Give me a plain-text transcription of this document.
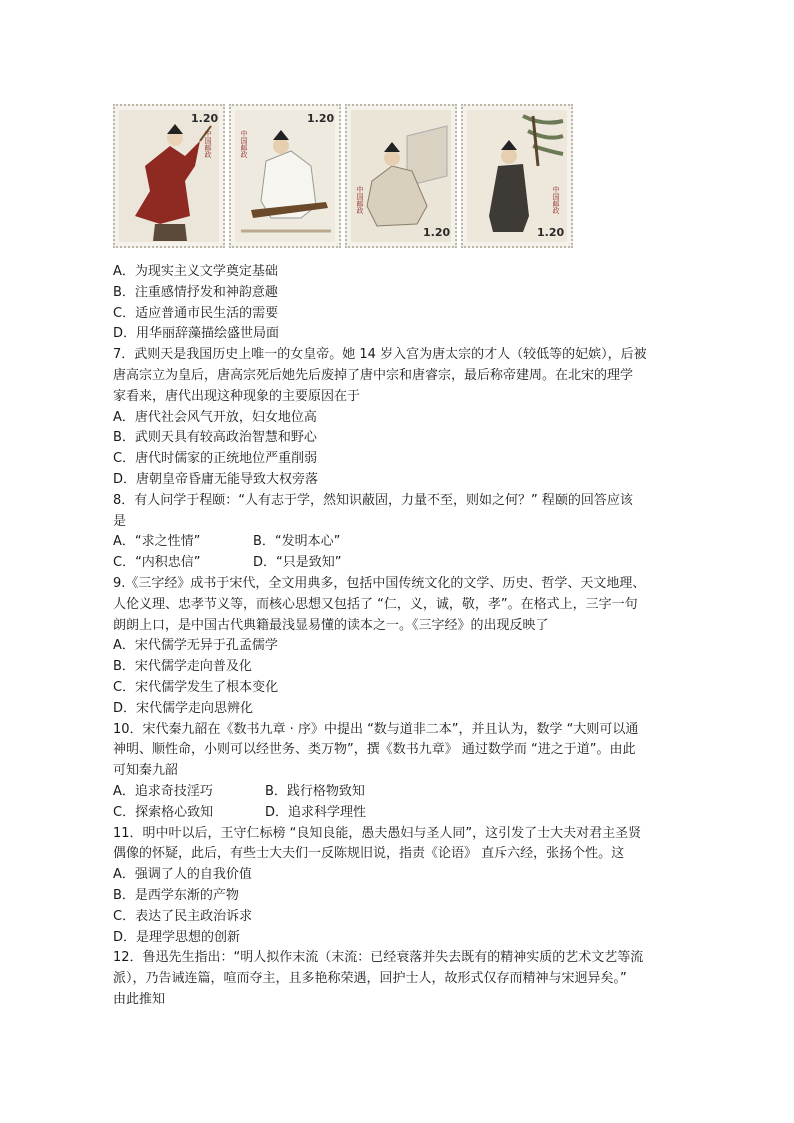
1.20
中国邮政
1.20
中国邮政
1.20
中国邮政
1.20
中国邮政
A．为现实主义文学奠定基础
B．注重感情抒发和神韵意趣
C．适应普通市民生活的需要
D．用华丽辞藻描绘盛世局面
7．武则天是我国历史上唯一的女皇帝。她 14 岁入宫为唐太宗的才人（较低等的妃嫔），后被
唐高宗立为皇后，唐高宗死后她先后废掉了唐中宗和唐睿宗，最后称帝建周。在北宋的理学
家看来，唐代出现这种现象的主要原因在于
A．唐代社会风气开放，妇女地位高
B．武则天具有较高政治智慧和野心
C．唐代时儒家的正统地位严重削弱
D．唐朝皇帝昏庸无能导致大权旁落
8．有人问学于程颐：“人有志于学，然知识蔽固，力量不至，则如之何？” 程颐的回答应该
是
A．“求之性情”	B．“发明本心”
C．“内积忠信”	D．“只是致知”
9.《三字经》成书于宋代，全文用典多，包括中国传统文化的文学、历史、哲学、天文地理、
人伦义理、忠孝节义等，而核心思想又包括了 “仁，义，诚，敬，孝”。在格式上，三字一句
朗朗上口，是中国古代典籍最浅显易懂的读本之一。《三字经》的出现反映了
A．宋代儒学无异于孔孟儒学
B．宋代儒学走向普及化
C．宋代儒学发生了根本变化
D．宋代儒学走向思辨化
10．宋代秦九韶在《数书九章 · 序》中提出 “数与道非二本”，并且认为，数学 “大则可以通
神明、顺性命，小则可以经世务、类万物”，撰《数书九章》 通过数学而 “进之于道”。由此
可知秦九韶
A．追求奇技淫巧	B．践行格物致知
C．探索格心致知	D．追求科学理性
11．明中叶以后，王守仁标榜 “良知良能，愚夫愚妇与圣人同”，这引发了士大夫对君主圣贤
偶像的怀疑，此后，有些士大夫们一反陈规旧说，指责《论语》 直斥六经，张扬个性。这
A．强调了人的自我价值
B．是西学东渐的产物
C．表达了民主政治诉求
D．是理学思想的创新
12．鲁迅先生指出：“明人拟作末流（末流：已经衰落并失去既有的精神实质的艺术文艺等流
派），乃告诫连篇，喧而夺主，且多艳称荣遇，回护士人，故形式仅存而精神与宋迥异矣。”
由此推知
